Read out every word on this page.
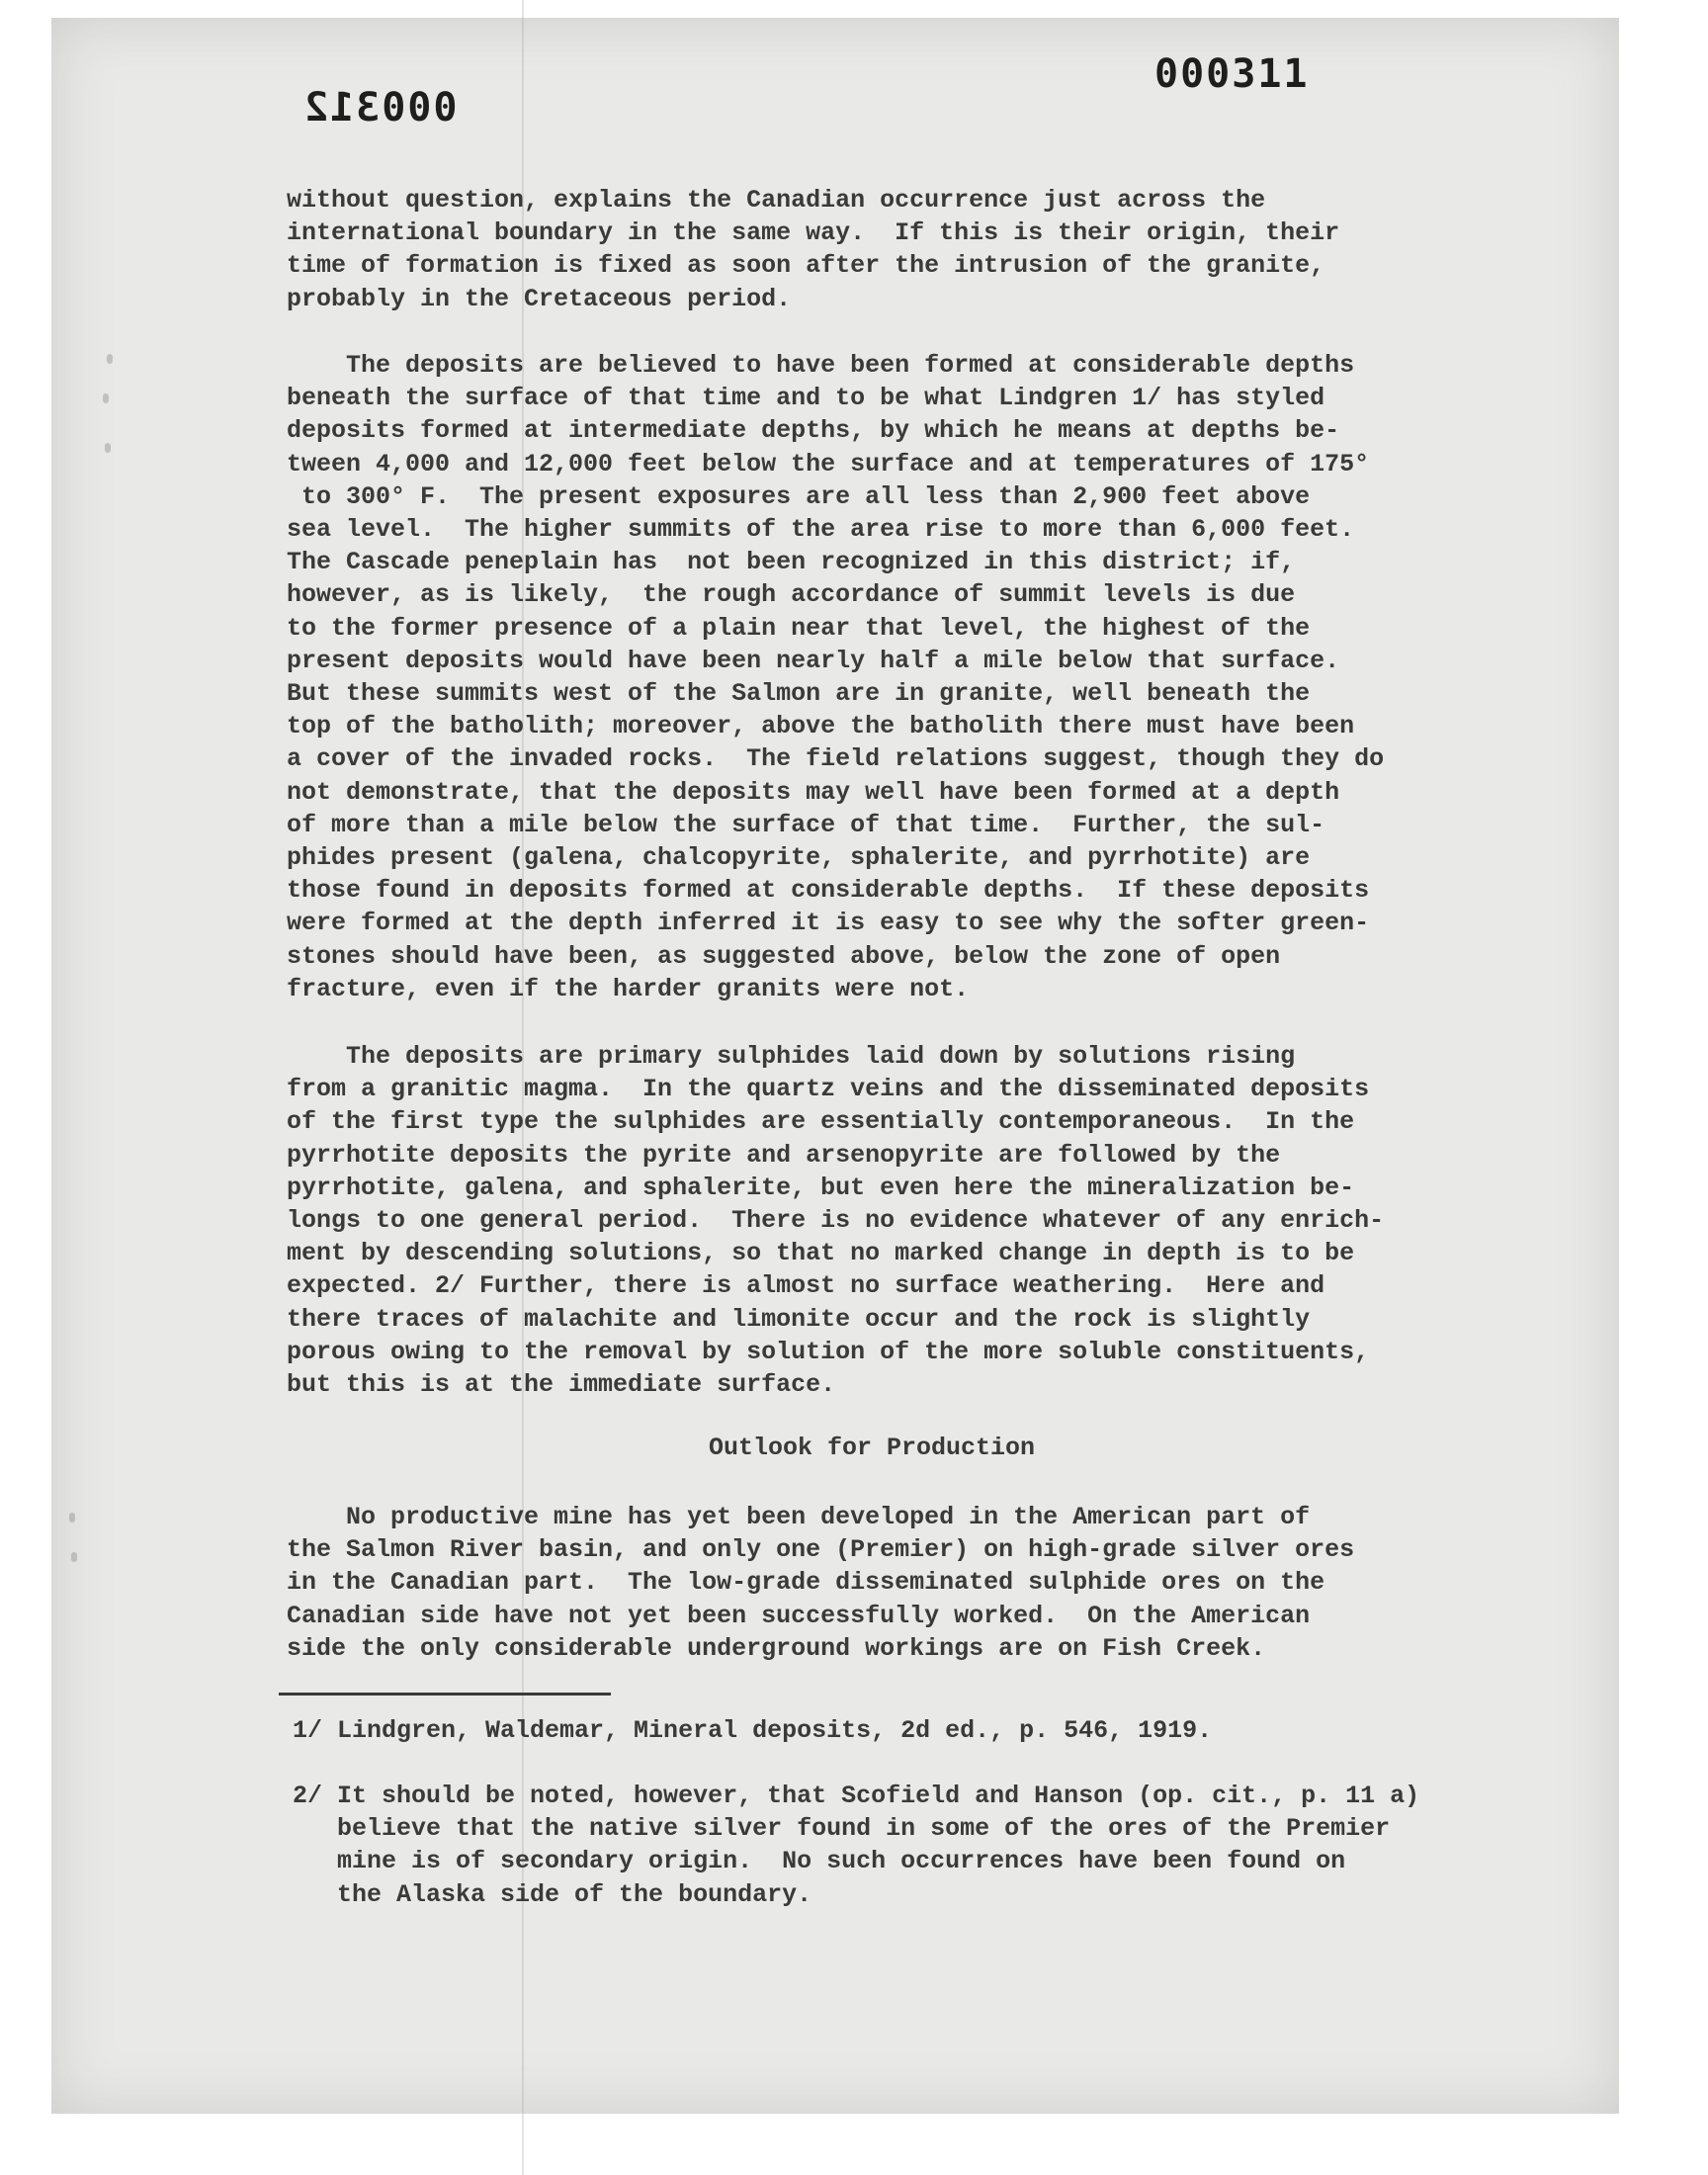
000311
000312
without question, explains the Canadian occurrence just across the
international boundary in the same way.  If this is their origin, their
time of formation is fixed as soon after the intrusion of the granite,
probably in the Cretaceous period.
The deposits are believed to have been formed at considerable depths
beneath the surface of that time and to be what Lindgren 1/ has styled
deposits formed at intermediate depths, by which he means at depths be-
tween 4,000 and 12,000 feet below the surface and at temperatures of 175°
to 300° F.  The present exposures are all less than 2,900 feet above
sea level.  The higher summits of the area rise to more than 6,000 feet.
The Cascade peneplain has  not been recognized in this district; if,
however, as is likely,  the rough accordance of summit levels is due
to the former presence of a plain near that level, the highest of the
present deposits would have been nearly half a mile below that surface.
But these summits west of the Salmon are in granite, well beneath the
top of the batholith; moreover, above the batholith there must have been
a cover of the invaded rocks.  The field relations suggest, though they do
not demonstrate, that the deposits may well have been formed at a depth
of more than a mile below the surface of that time.  Further, the sul-
phides present (galena, chalcopyrite, sphalerite, and pyrrhotite) are
those found in deposits formed at considerable depths.  If these deposits
were formed at the depth inferred it is easy to see why the softer green-
stones should have been, as suggested above, below the zone of open
fracture, even if the harder granits were not.
The deposits are primary sulphides laid down by solutions rising
from a granitic magma.  In the quartz veins and the disseminated deposits
of the first type the sulphides are essentially contemporaneous.  In the
pyrrhotite deposits the pyrite and arsenopyrite are followed by the
pyrrhotite, galena, and sphalerite, but even here the mineralization be-
longs to one general period.  There is no evidence whatever of any enrich-
ment by descending solutions, so that no marked change in depth is to be
expected. 2/ Further, there is almost no surface weathering.  Here and
there traces of malachite and limonite occur and the rock is slightly
porous owing to the removal by solution of the more soluble constituents,
but this is at the immediate surface.
Outlook for Production
No productive mine has yet been developed in the American part of
the Salmon River basin, and only one (Premier) on high-grade silver ores
in the Canadian part.  The low-grade disseminated sulphide ores on the
Canadian side have not yet been successfully worked.  On the American
side the only considerable underground workings are on Fish Creek.
1/ Lindgren, Waldemar, Mineral deposits, 2d ed., p. 546, 1919.
2/ It should be noted, however, that Scofield and Hanson (op. cit., p. 11 a)
believe that the native silver found in some of the ores of the Premier
mine is of secondary origin.  No such occurrences have been found on
the Alaska side of the boundary.
